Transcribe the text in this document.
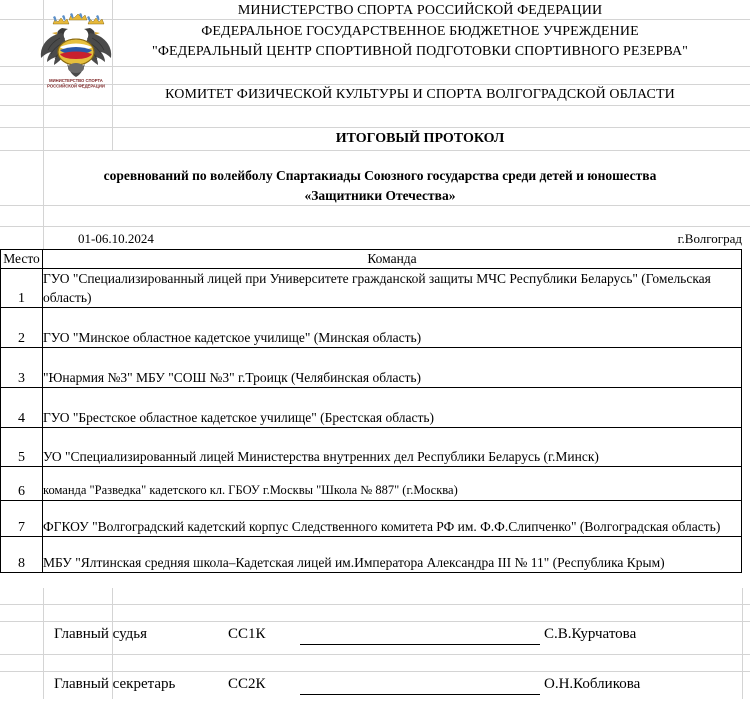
МИНИСТЕРСТВО СПОРТА
РОССИЙСКОЙ ФЕДЕРАЦИИ
МИНИСТЕРСТВО СПОРТА РОССИЙСКОЙ ФЕДЕРАЦИИ
ФЕДЕРАЛЬНОЕ ГОСУДАРСТВЕННОЕ БЮДЖЕТНОЕ УЧРЕЖДЕНИЕ
"ФЕДЕРАЛЬНЫЙ ЦЕНТР СПОРТИВНОЙ ПОДГОТОВКИ СПОРТИВНОГО РЕЗЕРВА"
КОМИТЕТ ФИЗИЧЕСКОЙ КУЛЬТУРЫ И СПОРТА ВОЛГОГРАДСКОЙ ОБЛАСТИ
ИТОГОВЫЙ ПРОТОКОЛ
соревнований по волейболу Спартакиады Союзного государства среди детей и юношества
«Защитники Отечества»
01-06.10.2024	г.Волгоград
Место	Команда
1	ГУО "Специализированный лицей при Университете гражданской защиты МЧС Республики Беларусь" (Гомельская область)
2	ГУО "Минское областное кадетское училище" (Минская область)
3	"Юнармия №3" МБУ "СОШ №3" г.Троицк (Челябинская область)
4	ГУО "Брестское областное кадетское училище" (Брестская область)
5	УО "Специализированный лицей Министерства внутренних дел Республики Беларусь (г.Минск)
6	команда "Разведка" кадетского кл. ГБОУ г.Москвы "Школа № 887" (г.Москва)
7	ФГКОУ "Волгоградский кадетский корпус Следственного комитета РФ им. Ф.Ф.Слипченко" (Волгоградская область)
8	МБУ "Ялтинская средняя школа–Кадетская лицей им.Императора Александра III № 11" (Республика Крым)
Главный судья	СС1К	С.В.Курчатова
Главный секретарь	СС2К	О.Н.Кобликова
